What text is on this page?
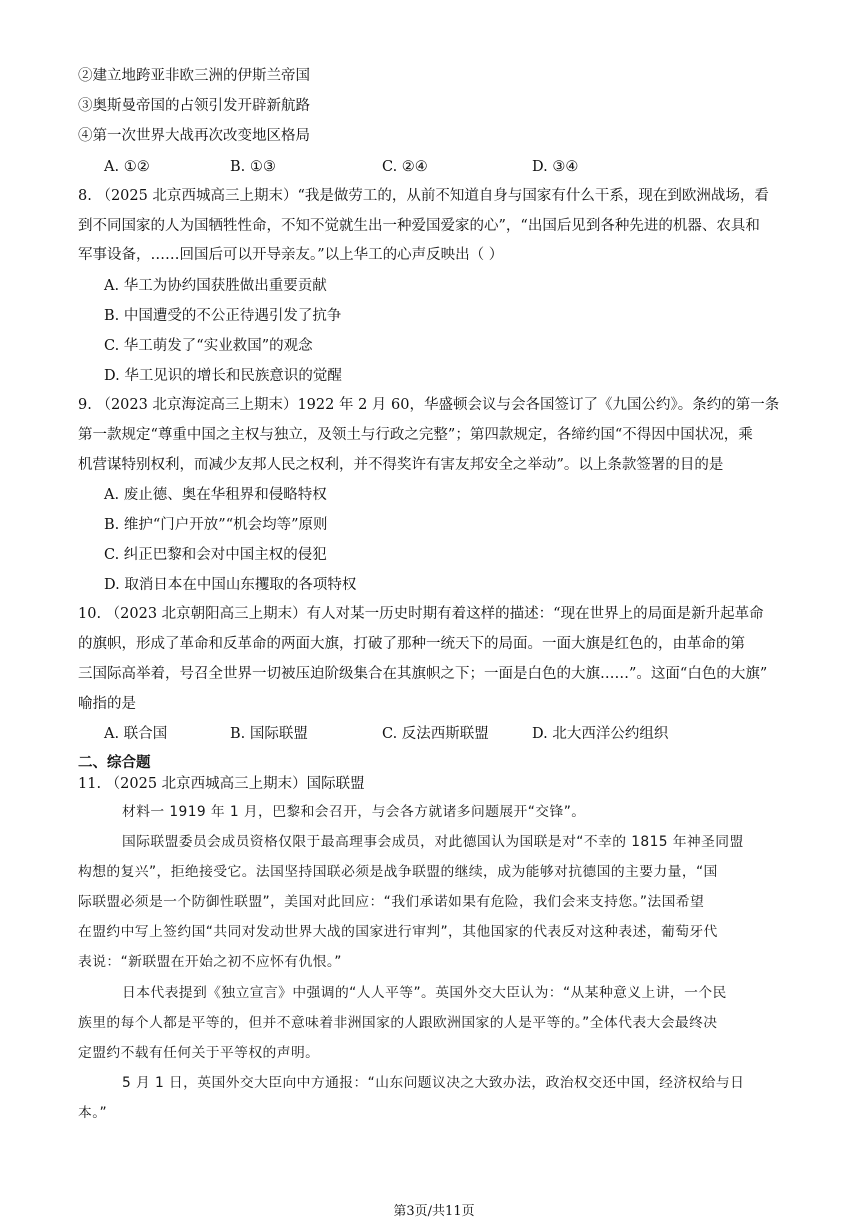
②建立地跨亚非欧三洲的伊斯兰帝国
③奥斯曼帝国的占领引发开辟新航路
④第一次世界大战再次改变地区格局
A. ①②	B. ①③	C. ②④	D. ③④
8. （2025 北京西城高三上期末）“我是做劳工的，从前不知道自身与国家有什么干系，现在到欧洲战场，看
到不同国家的人为国牺牲性命，不知不觉就生出一种爱国爱家的心”，“出国后见到各种先进的机器、农具和
军事设备，……回国后可以开导亲友。”以上华工的心声反映出（ ）
A. 华工为协约国获胜做出重要贡献
B. 中国遭受的不公正待遇引发了抗争
C. 华工萌发了“实业救国”的观念
D. 华工见识的增长和民族意识的觉醒
9. （2023 北京海淀高三上期末）1922 年 2 月 60，华盛顿会议与会各国签订了《九国公约》。条约的第一条
第一款规定“尊重中国之主权与独立，及领土与行政之完整”；第四款规定，各缔约国“不得因中国状况，乘
机营谋特别权利，而减少友邦人民之权利，并不得奖许有害友邦安全之举动”。以上条款签署的目的是
A. 废止德、奥在华租界和侵略特权
B. 维护“门户开放”“机会均等”原则
C. 纠正巴黎和会对中国主权的侵犯
D. 取消日本在中国山东攫取的各项特权
10. （2023 北京朝阳高三上期末）有人对某一历史时期有着这样的描述：“现在世界上的局面是新升起革命
的旗帜，形成了革命和反革命的两面大旗，打破了那种一统天下的局面。一面大旗是红色的，由革命的第
三国际高举着，号召全世界一切被压迫阶级集合在其旗帜之下；一面是白色的大旗……”。这面“白色的大旗”
喻指的是
A. 联合国	B. 国际联盟	C. 反法西斯联盟	D. 北大西洋公约组织
二、综合题
11. （2025 北京西城高三上期末）国际联盟
材料一 1919 年 1 月，巴黎和会召开，与会各方就诸多问题展开“交锋”。
国际联盟委员会成员资格仅限于最高理事会成员，对此德国认为国联是对“不幸的 1815 年神圣同盟
构想的复兴”，拒绝接受它。法国坚持国联必须是战争联盟的继续，成为能够对抗德国的主要力量，“国
际联盟必须是一个防御性联盟”，美国对此回应：“我们承诺如果有危险，我们会来支持您。”法国希望
在盟约中写上签约国“共同对发动世界大战的国家进行审判”，其他国家的代表反对这种表述，葡萄牙代
表说：“新联盟在开始之初不应怀有仇恨。”
日本代表提到《独立宣言》中强调的“人人平等”。英国外交大臣认为：“从某种意义上讲，一个民
族里的每个人都是平等的，但并不意味着非洲国家的人跟欧洲国家的人是平等的。”全体代表大会最终决
定盟约不载有任何关于平等权的声明。
5 月 1 日，英国外交大臣向中方通报：“山东问题议决之大致办法，政治权交还中国，经济权给与日
本。”
第3页/共11页
